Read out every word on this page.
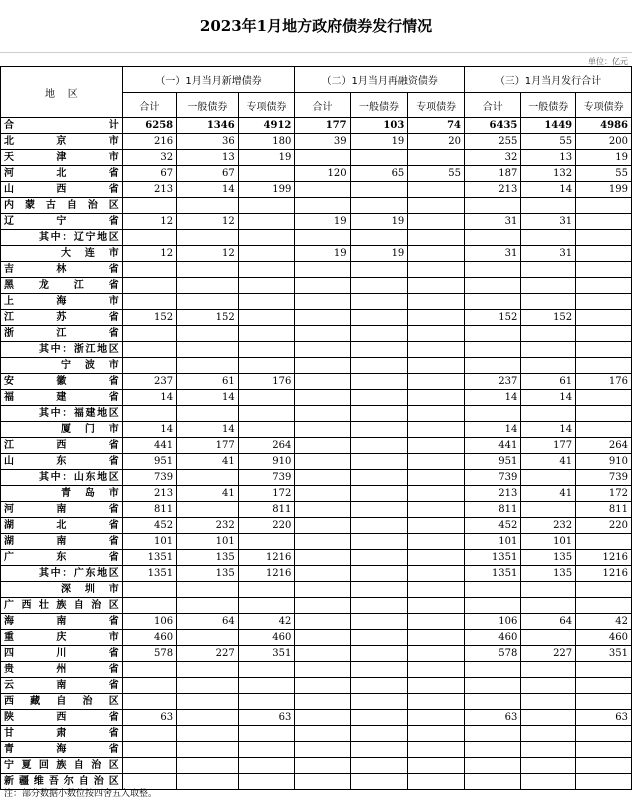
2023年1月地方政府债券发行情况
单位：亿元
地    区	（一）1月当月新增债券			（二）1月当月再融资债券			（三）1月当月发行合计		
	合计	一般债券	专项债券	合计	一般债券	专项债券	合计	一般债券	专项债券
合计	6258	1346	4912	177	103	74	6435	1449	4986
北京市	216	36	180	39	19	20	255	55	200
天津市	32	13	19				32	13	19
河北省	67	67		120	65	55	187	132	55
山西省	213	14	199				213	14	199
内蒙古自治区									
辽宁省	12	12		19	19		31	31	
其中：辽宁地区									
大连市	12	12		19	19		31	31	
吉林省									
黑龙江省									
上海市									
江苏省	152	152					152	152	
浙江省									
其中：浙江地区									
宁波市									
安徽省	237	61	176				237	61	176
福建省	14	14					14	14	
其中：福建地区									
厦门市	14	14					14	14	
江西省	441	177	264				441	177	264
山东省	951	41	910				951	41	910
其中：山东地区	739		739				739		739
青岛市	213	41	172				213	41	172
河南省	811		811				811		811
湖北省	452	232	220				452	232	220
湖南省	101	101					101	101	
广东省	1351	135	1216				1351	135	1216
其中：广东地区	1351	135	1216				1351	135	1216
深圳市									
广西壮族自治区									
海南省	106	64	42				106	64	42
重庆市	460		460				460		460
四川省	578	227	351				578	227	351
贵州省									
云南省									
西藏自治区									
陕西省	63		63				63		63
甘肃省									
青海省									
宁夏回族自治区									
新疆维吾尔自治区									
注：部分数据小数位按四舍五入取整。
